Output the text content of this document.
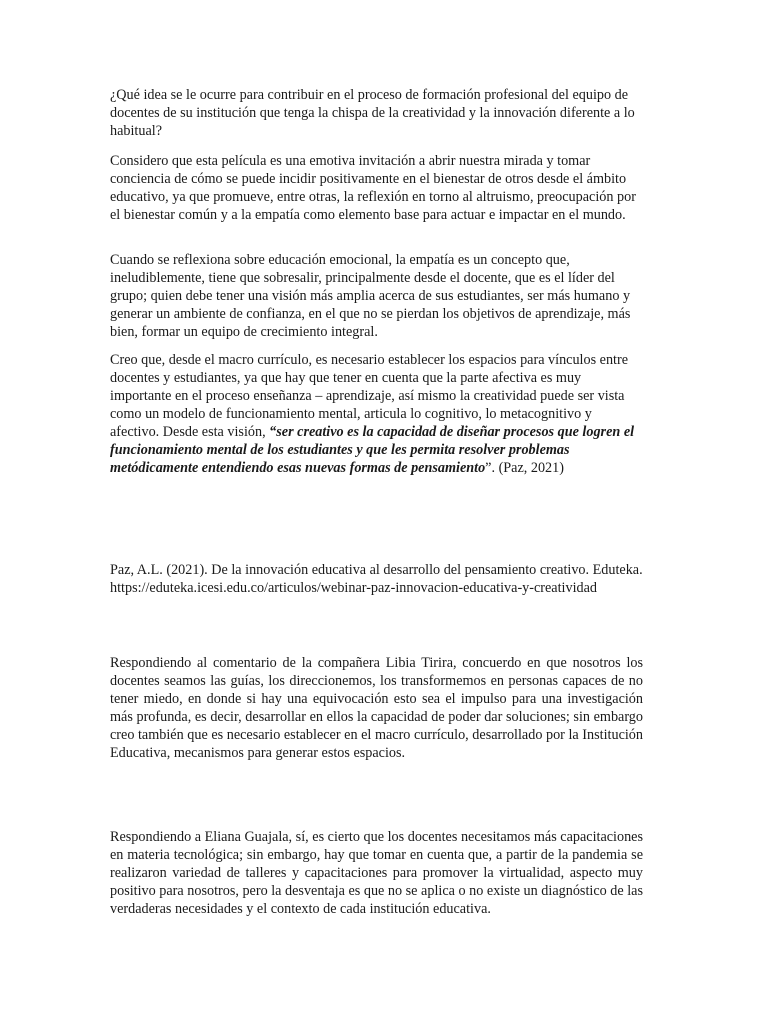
¿Qué idea se le ocurre para contribuir en el proceso de formación profesional del equipo de docentes de su institución que tenga la chispa de la creatividad y la innovación diferente a lo habitual?

Considero que esta película es una emotiva invitación a abrir nuestra mirada y tomar conciencia de cómo se puede incidir positivamente en el bienestar de otros desde el ámbito educativo, ya que promueve, entre otras, la reflexión en torno al altruismo, preocupación por el bienestar común y a la empatía como elemento base para actuar e impactar en el mundo.

Cuando se reflexiona sobre educación emocional, la empatía es un concepto que, ineludiblemente, tiene que sobresalir, principalmente desde el docente, que es el líder del grupo; quien debe tener una visión más amplia acerca de sus estudiantes, ser más humano y generar un ambiente de confianza, en el que no se pierdan los objetivos de aprendizaje, más bien, formar un equipo de crecimiento integral.

Creo que, desde el macro currículo, es necesario establecer los espacios para vínculos entre docentes y estudiantes, ya que hay que tener en cuenta que la parte afectiva es muy importante en el proceso enseñanza – aprendizaje, así mismo la creatividad puede ser vista como un modelo de funcionamiento mental, articula lo cognitivo, lo metacognitivo y afectivo. Desde esta visión, “ser creativo es la capacidad de diseñar procesos que logren el funcionamiento mental de los estudiantes y que les permita resolver problemas metódicamente entendiendo esas nuevas formas de pensamiento”. (Paz, 2021)

Paz, A.L. (2021). De la innovación educativa al desarrollo del pensamiento creativo. Eduteka. https://eduteka.icesi.edu.co/articulos/webinar-paz-innovacion-educativa-y-creatividad

Respondiendo al comentario de la compañera Libia Tirira, concuerdo en que nosotros los docentes seamos las guías, los direccionemos, los transformemos en personas capaces de no tener miedo, en donde si hay una equivocación esto sea el impulso para una investigación más profunda, es decir, desarrollar en ellos la capacidad de poder dar soluciones; sin embargo creo también que es necesario establecer en el macro currículo, desarrollado por la Institución Educativa, mecanismos para generar estos espacios.

Respondiendo a Eliana Guajala, sí, es cierto que los docentes necesitamos más capacitaciones en materia tecnológica; sin embargo, hay que tomar en cuenta que, a partir de la pandemia se realizaron variedad de talleres y capacitaciones para promover la virtualidad, aspecto muy positivo para nosotros, pero la desventaja es que no se aplica o no existe un diagnóstico de las verdaderas necesidades y el contexto de cada institución educativa.
